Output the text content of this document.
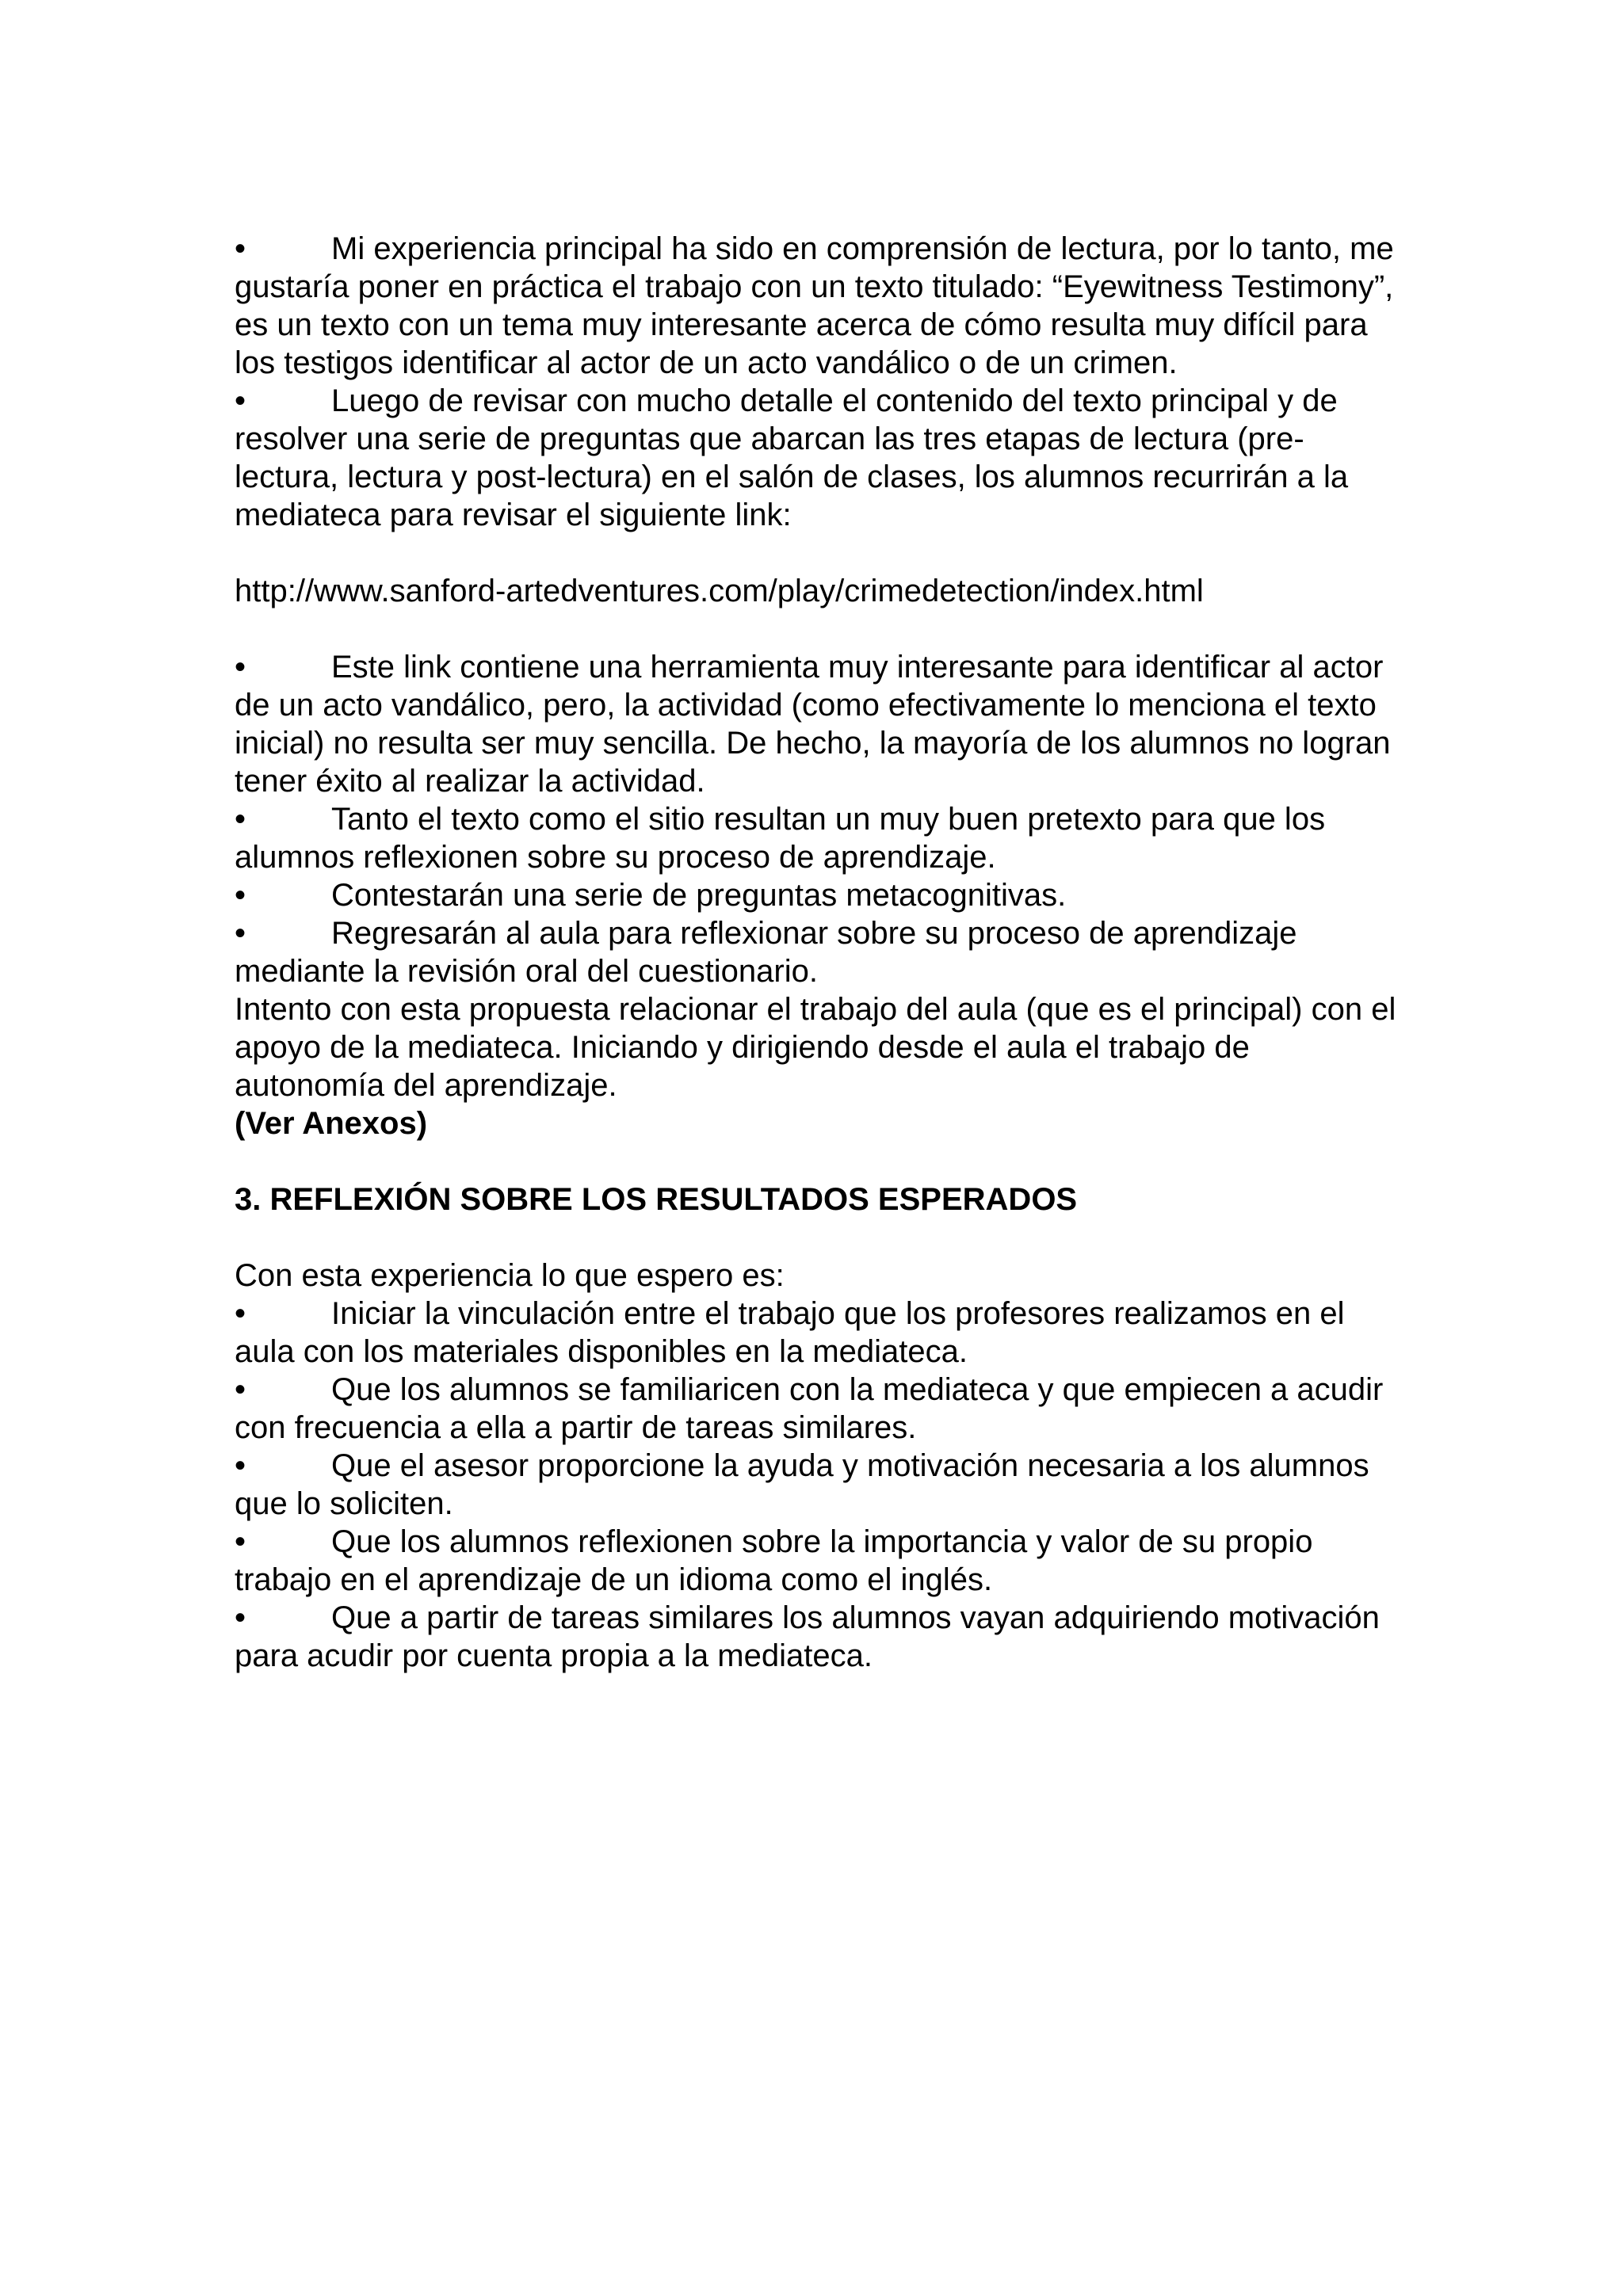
•	Mi experiencia principal ha sido en comprensión de lectura, por lo tanto, me gustaría poner en práctica el trabajo con un texto titulado: “Eyewitness Testimony”, es un texto con un tema muy interesante acerca de cómo resulta muy difícil para los testigos identificar al actor de un acto vandálico o de un crimen.

•	Luego de revisar con mucho detalle el contenido del texto principal y de resolver una serie de preguntas que abarcan las tres etapas de lectura (pre-lectura, lectura y post-lectura) en el salón de clases, los alumnos recurrirán a la mediateca para revisar el siguiente link:

http://www.sanford-artedventures.com/play/crimedetection/index.html

•	Este link contiene una herramienta muy interesante para identificar al actor de un acto vandálico, pero, la actividad (como efectivamente lo menciona el texto inicial) no resulta ser muy sencilla. De hecho, la mayoría de los alumnos no logran tener éxito al realizar la actividad.

•	Tanto el texto como el sitio resultan un muy buen pretexto para que los alumnos reflexionen sobre su proceso de aprendizaje.

•	Contestarán una serie de preguntas metacognitivas.

•	Regresarán al aula para reflexionar sobre su proceso de aprendizaje mediante la revisión oral del cuestionario.

Intento con esta propuesta relacionar el trabajo del aula (que es el principal) con el apoyo de la mediateca. Iniciando y dirigiendo desde el aula el trabajo de autonomía del aprendizaje.

(Ver Anexos)

3. REFLEXIÓN SOBRE LOS RESULTADOS ESPERADOS

Con esta experiencia lo que espero es:

•	Iniciar la vinculación entre el trabajo que los profesores realizamos en el aula con los materiales disponibles en la mediateca.

•	Que los alumnos se familiaricen con la mediateca y que empiecen a acudir con frecuencia a ella a partir de tareas similares.

•	Que el asesor proporcione la ayuda y motivación necesaria a los alumnos que lo soliciten.

•	Que los alumnos reflexionen sobre la importancia y valor de su propio trabajo en el aprendizaje de un idioma como el inglés.

•	Que a partir de tareas similares los alumnos vayan adquiriendo motivación para acudir por cuenta propia a la mediateca.
